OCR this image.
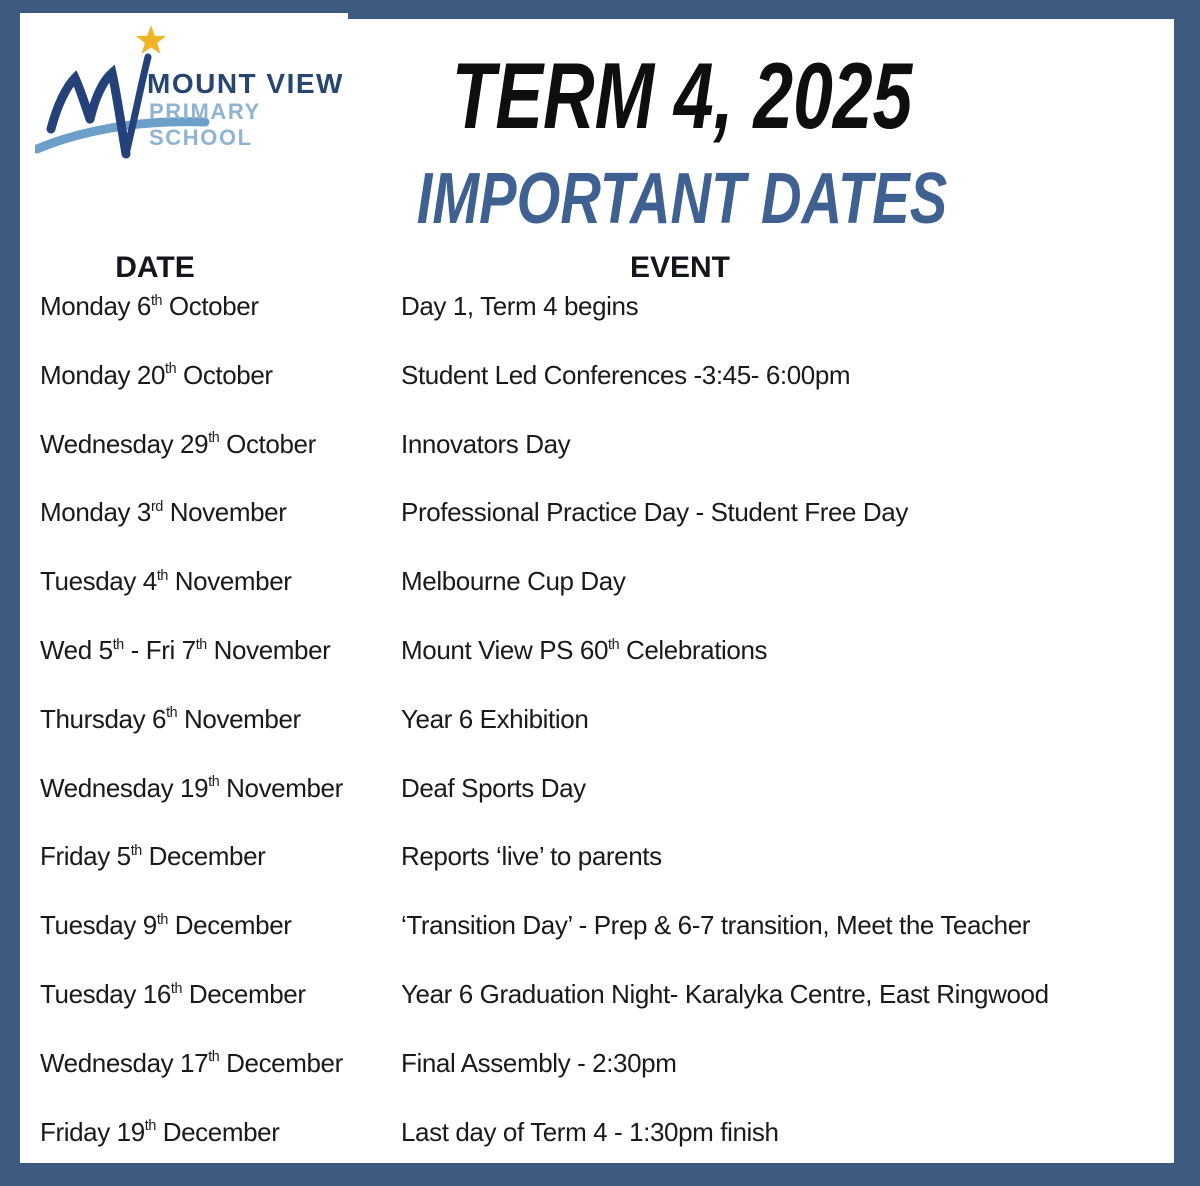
MOUNT VIEW
PRIMARY SCHOOL	TERM 4, 2025
IMPORTANT DATES
DATE	EVENT
Monday 6th October	Day 1, Term 4 begins
Monday 20th October	Student Led Conferences -3:45- 6:00pm
Wednesday 29th October	Innovators Day
Monday 3rd November	Professional Practice Day - Student Free Day
Tuesday 4th November	Melbourne Cup Day
Wed 5th - Fri 7th November	Mount View PS 60th Celebrations
Thursday 6th November	Year 6 Exhibition
Wednesday 19th November	Deaf Sports Day
Friday 5th December	Reports ‘live’ to parents
Tuesday 9th December	‘Transition Day’ - Prep & 6-7 transition, Meet the Teacher
Tuesday 16th December	Year 6 Graduation Night- Karalyka Centre, East Ringwood
Wednesday 17th December	Final Assembly - 2:30pm
Friday 19th December	Last day of Term 4 - 1:30pm finish
